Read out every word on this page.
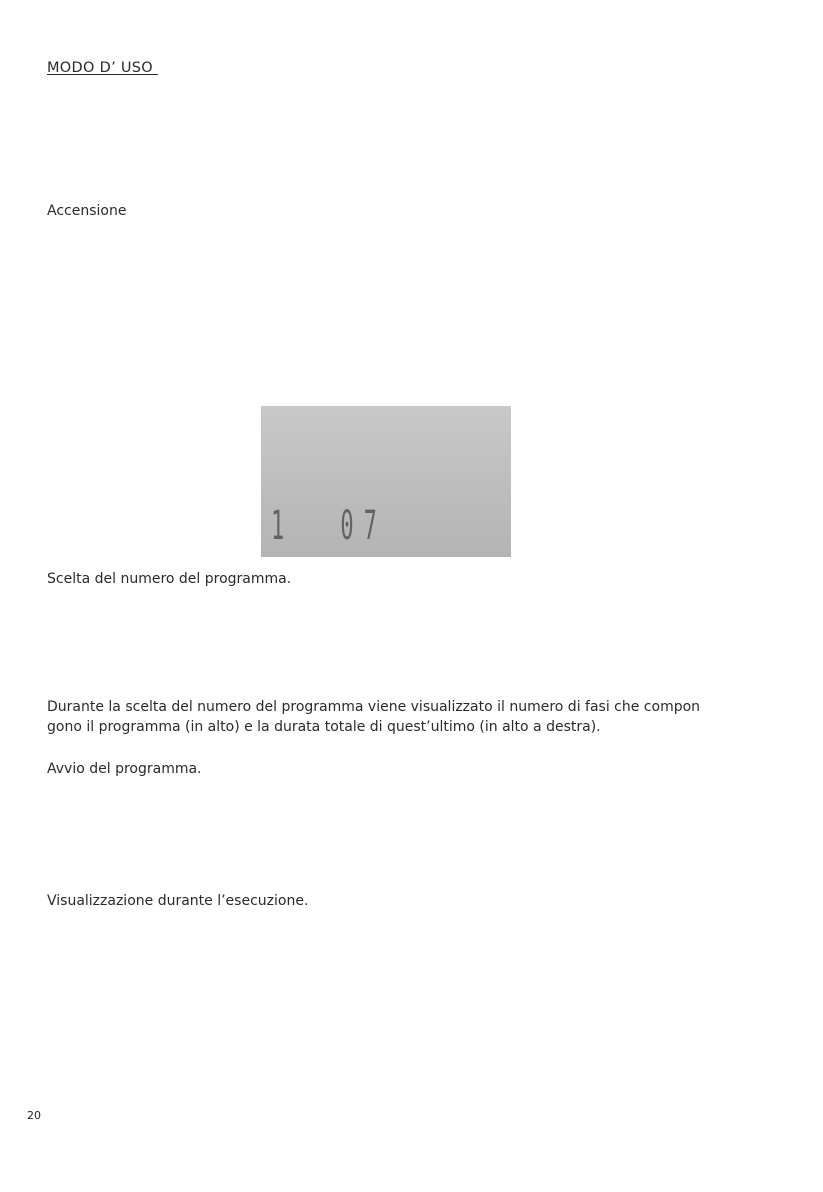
MODO D’ USO
Accensione
1  07
Scelta del numero del programma.
Durante la scelta del numero del programma viene visualizzato il numero di fasi che compon
gono il programma (in alto) e la durata totale di quest’ultimo (in alto a destra).
Avvio del programma.
Visualizzazione durante l’esecuzione.
20
